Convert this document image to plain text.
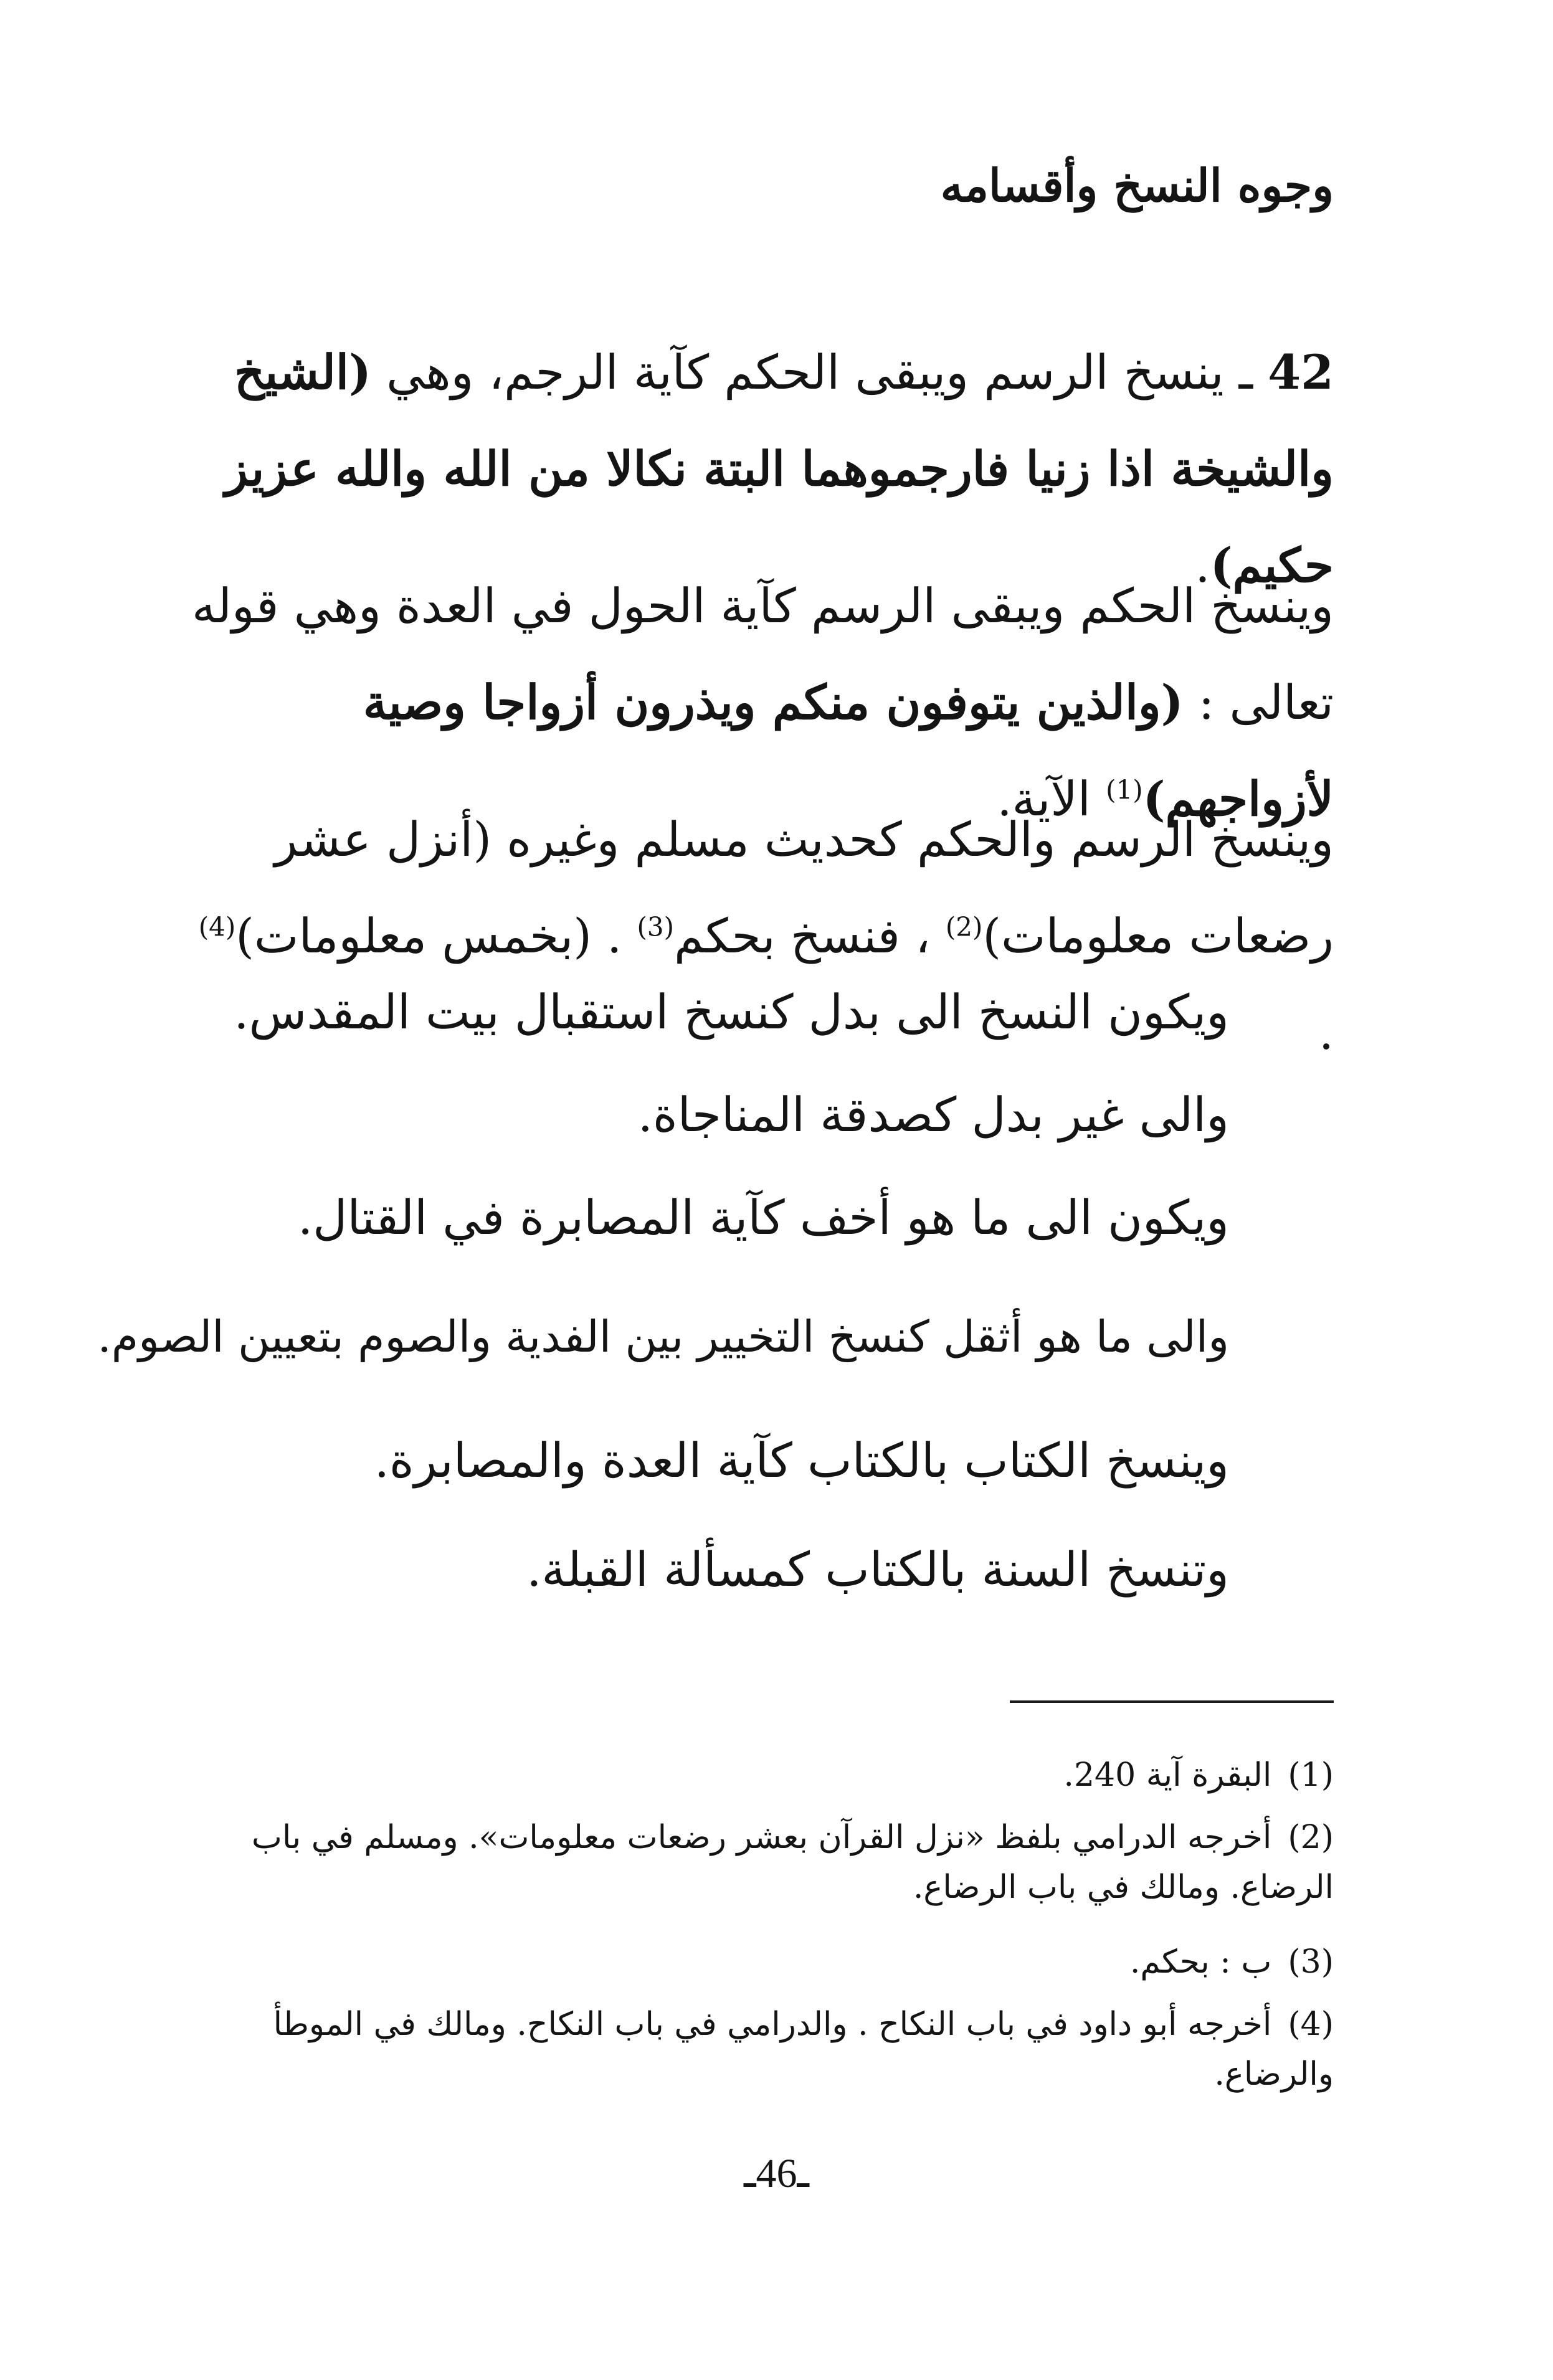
وجوه النسخ وأقسامه
42 ـ ينسخ الرسم ويبقى الحكم كآية الرجم، وهي (الشيخ والشيخة اذا زنيا فارجموهما البتة نكالا من الله والله عزيز حكيم).
وينسخ الحكم ويبقى الرسم كآية الحول في العدة وهي قوله تعالى : (والذين يتوفون منكم ويذرون أزواجا وصية لأزواجهم)$^{(1)}$ الآية.
وينسخ الرسم والحكم كحديث مسلم وغيره (أنزل عشر رضعات معلومات)$^{(2)}$ ، فنسخ بحكم$^{(3)}$ . (بخمس معلومات)$^{(4)}$ .
ويكون النسخ الى بدل كنسخ استقبال بيت المقدس.
والى غير بدل كصدقة المناجاة.
ويكون الى ما هو أخف كآية المصابرة في القتال.
والى ما هو أثقل كنسخ التخيير بين الفدية والصوم بتعيين الصوم.
وينسخ الكتاب بالكتاب كآية العدة والمصابرة.
وتنسخ السنة بالكتاب كمسألة القبلة.
(1)البقرة آية 240.
(2)أخرجه الدرامي بلفظ «نزل القرآن بعشر رضعات معلومات». ومسلم في باب الرضاع. ومالك في باب الرضاع.
(3)ب : بحكم.
(4)أخرجه أبو داود في باب النكاح . والدرامي في باب النكاح. ومالك في الموطأ والرضاع.
ـ46ـ
